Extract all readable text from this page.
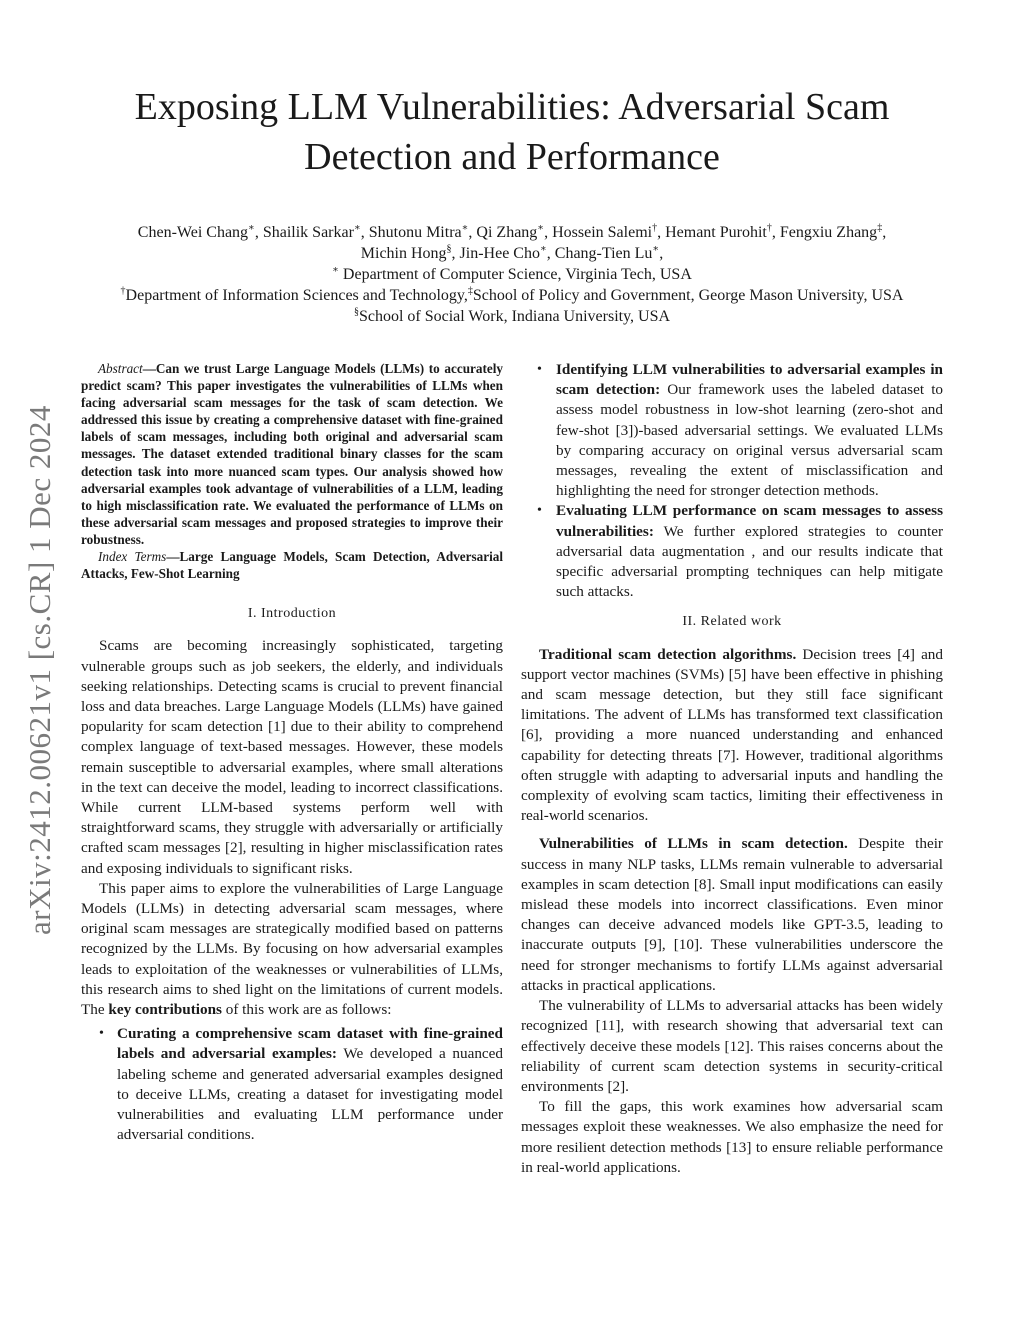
Exposing LLM Vulnerabilities: Adversarial Scam Detection and Performance

Chen-Wei Chang∗, Shailik Sarkar∗, Shutonu Mitra∗, Qi Zhang∗, Hossein Salemi†, Hemant Purohit†, Fengxiu Zhang‡,

Michin Hong§, Jin-Hee Cho∗, Chang-Tien Lu∗,

∗ Department of Computer Science, Virginia Tech, USA

†Department of Information Sciences and Technology,‡School of Policy and Government, George Mason University, USA

§School of Social Work, Indiana University, USA

arXiv:2412.00621v1 [cs.CR] 1 Dec 2024

Abstract—Can we trust Large Language Models (LLMs) to accurately predict scam? This paper investigates the vulnerabilities of LLMs when facing adversarial scam messages for the task of scam detection. We addressed this issue by creating a comprehensive dataset with fine-grained labels of scam messages, including both original and adversarial scam messages. The dataset extended traditional binary classes for the scam detection task into more nuanced scam types. Our analysis showed how adversarial examples took advantage of vulnerabilities of a LLM, leading to high misclassification rate. We evaluated the performance of LLMs on these adversarial scam messages and proposed strategies to improve their robustness.

Index Terms—Large Language Models, Scam Detection, Adversarial Attacks, Few-Shot Learning

I. Introduction

Scams are becoming increasingly sophisticated, targeting vulnerable groups such as job seekers, the elderly, and individuals seeking relationships. Detecting scams is crucial to prevent financial loss and data breaches. Large Language Models (LLMs) have gained popularity for scam detection [1] due to their ability to comprehend complex language of text-based messages. However, these models remain susceptible to adversarial examples, where small alterations in the text can deceive the model, leading to incorrect classifications. While current LLM-based systems perform well with straightforward scams, they struggle with adversarially or artificially crafted scam messages [2], resulting in higher misclassification rates and exposing individuals to significant risks.

This paper aims to explore the vulnerabilities of Large Language Models (LLMs) in detecting adversarial scam messages, where original scam messages are strategically modified based on patterns recognized by the LLMs. By focusing on how adversarial examples leads to exploitation of the weaknesses or vulnerabilities of LLMs, this research aims to shed light on the limitations of current models. The key contributions of this work are as follows:

• Curating a comprehensive scam dataset with fine-grained labels and adversarial examples: We developed a nuanced labeling scheme and generated adversarial examples designed to deceive LLMs, creating a dataset for investigating model vulnerabilities and evaluating LLM performance under adversarial conditions.
• Identifying LLM vulnerabilities to adversarial examples in scam detection: Our framework uses the labeled dataset to assess model robustness in low-shot learning (zero-shot and few-shot [3])-based adversarial settings. We evaluated LLMs by comparing accuracy on original versus adversarial scam messages, revealing the extent of misclassification and highlighting the need for stronger detection methods.
• Evaluating LLM performance on scam messages to assess vulnerabilities: We further explored strategies to counter adversarial data augmentation , and our results indicate that specific adversarial prompting techniques can help mitigate such attacks.

II. Related work

Traditional scam detection algorithms. Decision trees [4] and support vector machines (SVMs) [5] have been effective in phishing and scam message detection, but they still face significant limitations. The advent of LLMs has transformed text classification [6], providing a more nuanced understanding and enhanced capability for detecting threats [7]. However, traditional algorithms often struggle with adapting to adversarial inputs and handling the complexity of evolving scam tactics, limiting their effectiveness in real-world scenarios.

Vulnerabilities of LLMs in scam detection. Despite their success in many NLP tasks, LLMs remain vulnerable to adversarial examples in scam detection [8]. Small input modifications can easily mislead these models into incorrect classifications. Even minor changes can deceive advanced models like GPT-3.5, leading to inaccurate outputs [9], [10]. These vulnerabilities underscore the need for stronger mechanisms to fortify LLMs against adversarial attacks in practical applications.

The vulnerability of LLMs to adversarial attacks has been widely recognized [11], with research showing that adversarial text can effectively deceive these models [12]. This raises concerns about the reliability of current scam detection systems in security-critical environments [2].

To fill the gaps, this work examines how adversarial scam messages exploit these weaknesses. We also emphasize the need for more resilient detection methods [13] to ensure reliable performance in real-world applications.
